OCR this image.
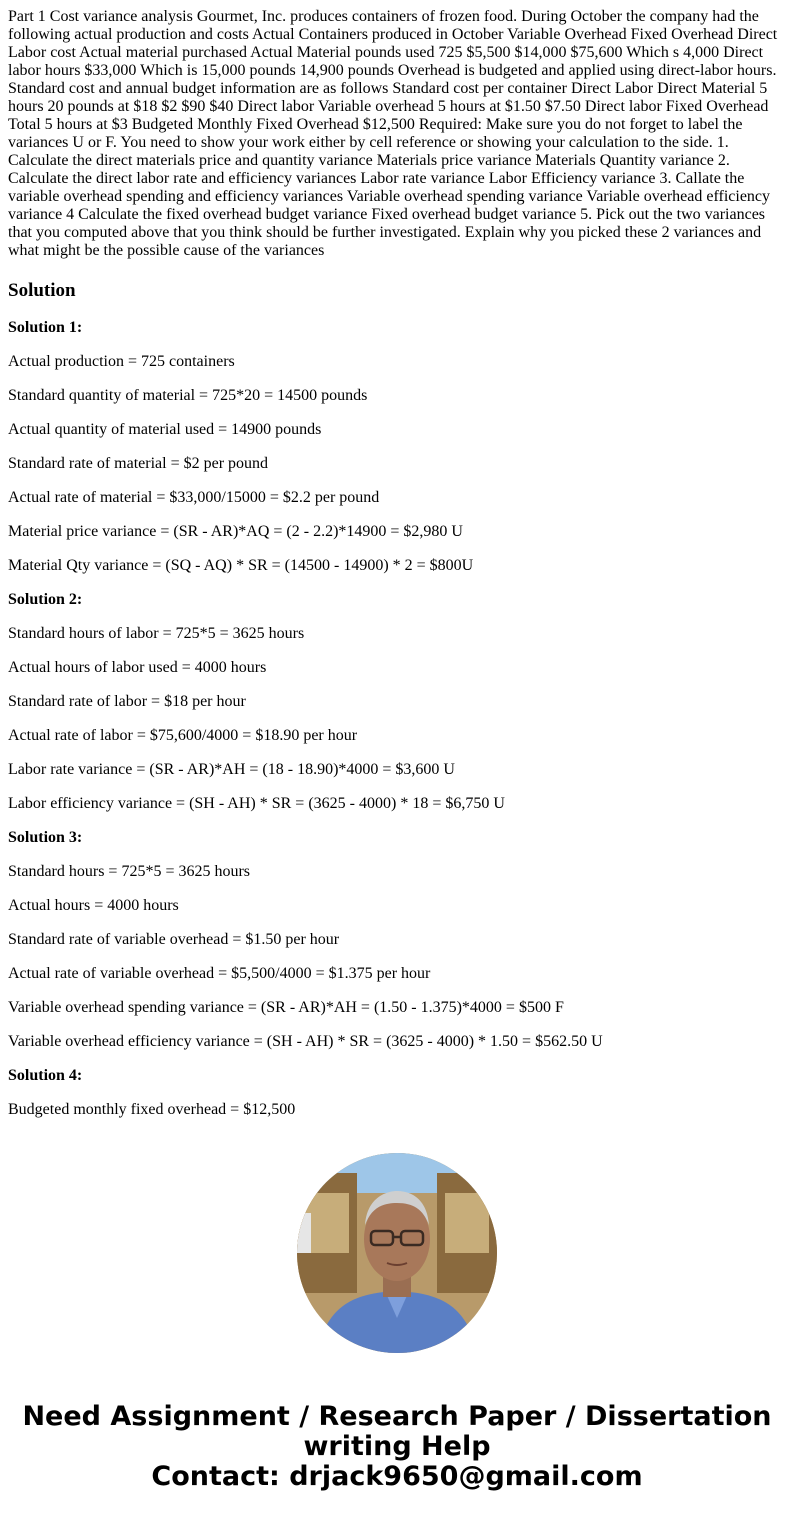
Part 1 Cost variance analysis Gourmet, Inc. produces containers of frozen food. During October the company had the following actual production and costs Actual Containers produced in October Variable Overhead Fixed Overhead Direct Labor cost Actual material purchased Actual Material pounds used 725 $5,500 $14,000 $75,600 Which s 4,000 Direct labor hours $33,000 Which is 15,000 pounds 14,900 pounds Overhead is budgeted and applied using direct-labor hours. Standard cost and annual budget information are as follows Standard cost per container Direct Labor Direct Material 5 hours 20 pounds at $18 $2 $90 $40 Direct labor Variable overhead 5 hours at $1.50 $7.50 Direct labor Fixed Overhead Total 5 hours at $3 Budgeted Monthly Fixed Overhead $12,500 Required: Make sure you do not forget to label the variances U or F. You need to show your work either by cell reference or showing your calculation to the side. 1. Calculate the direct materials price and quantity variance Materials price variance Materials Quantity variance 2. Calculate the direct labor rate and efficiency variances Labor rate variance Labor Efficiency variance 3. Callate the variable overhead spending and efficiency variances Variable overhead spending variance Variable overhead efficiency variance 4 Calculate the fixed overhead budget variance Fixed overhead budget variance 5. Pick out the two variances that you computed above that you think should be further investigated. Explain why you picked these 2 variances and what might be the possible cause of the variances

Solution

Solution 1:

Actual production = 725 containers

Standard quantity of material = 725*20 = 14500 pounds

Actual quantity of material used = 14900 pounds

Standard rate of material = $2 per pound

Actual rate of material = $33,000/15000 = $2.2 per pound

Material price variance = (SR - AR)*AQ = (2 - 2.2)*14900 = $2,980 U

Material Qty variance = (SQ - AQ) * SR = (14500 - 14900) * 2 = $800U

Solution 2:

Standard hours of labor = 725*5 = 3625 hours

Actual hours of labor used = 4000 hours

Standard rate of labor = $18 per hour

Actual rate of labor = $75,600/4000 = $18.90 per hour

Labor rate variance = (SR - AR)*AH = (18 - 18.90)*4000 = $3,600 U

Labor efficiency variance = (SH - AH) * SR = (3625 - 4000) * 18 = $6,750 U

Solution 3:

Standard hours = 725*5 = 3625 hours

Actual hours = 4000 hours

Standard rate of variable overhead = $1.50 per hour

Actual rate of variable overhead = $5,500/4000 = $1.375 per hour

Variable overhead spending variance = (SR - AR)*AH = (1.50 - 1.375)*4000 = $500 F

Variable overhead efficiency variance = (SH - AH) * SR = (3625 - 4000) * 1.50 = $562.50 U

Solution 4:

Budgeted monthly fixed overhead = $12,500

Need Assignment / Research Paper / Dissertation
writing Help
Contact: drjack9650@gmail.com
